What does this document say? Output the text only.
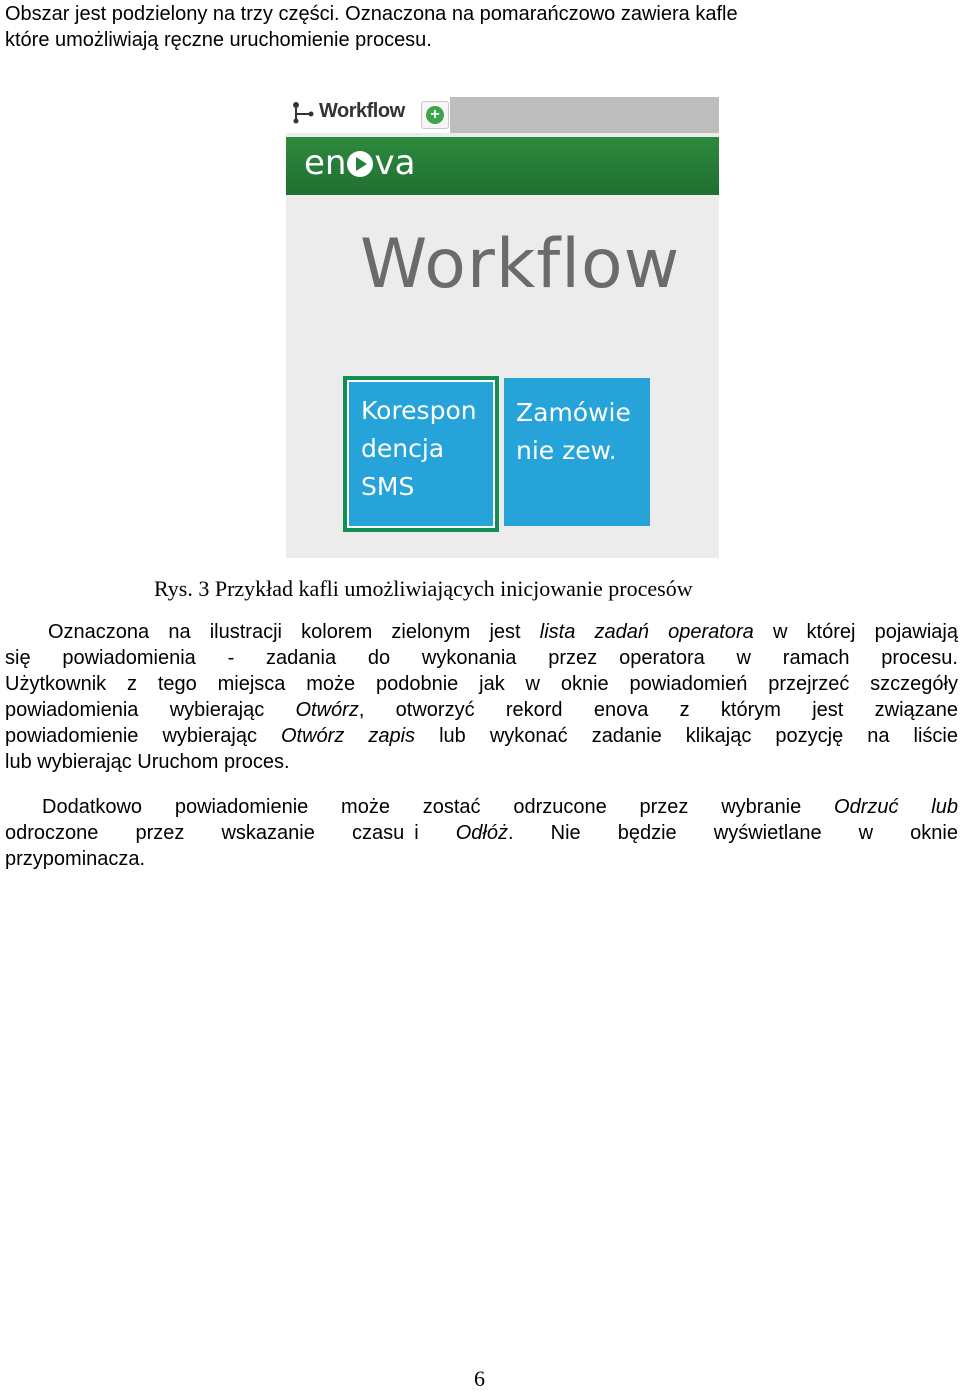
Obszar jest podzielony na trzy części. Oznaczona na pomarańczowo zawiera kafle
które umożliwiają ręczne uruchomienie procesu.

Workflow +
en va
Workflow
Korespon
dencja
SMS
Zamówie
nie zew.
Rys. 3 Przykład kafli umożliwiających inicjowanie procesów

Oznaczona na ilustracji kolorem zielonym jest lista zadań operatora w której pojawiają
się powiadomienia - zadania do wykonania przez operatora w ramach procesu.
Użytkownik z tego miejsca może podobnie jak w oknie powiadomień przejrzeć szczegóły
powiadomienia wybierając Otwórz, otworzyć rekord enova z którym jest związane
powiadomienie wybierając Otwórz zapis lub wykonać zadanie klikając pozycję na liście
lub wybierając Uruchom proces.

Dodatkowo powiadomienie może zostać odrzucone przez wybranie Odrzuć lub
odroczone przez wskazanie czasu i Odłóż. Nie będzie wyświetlane w oknie
przypominacza.

6
